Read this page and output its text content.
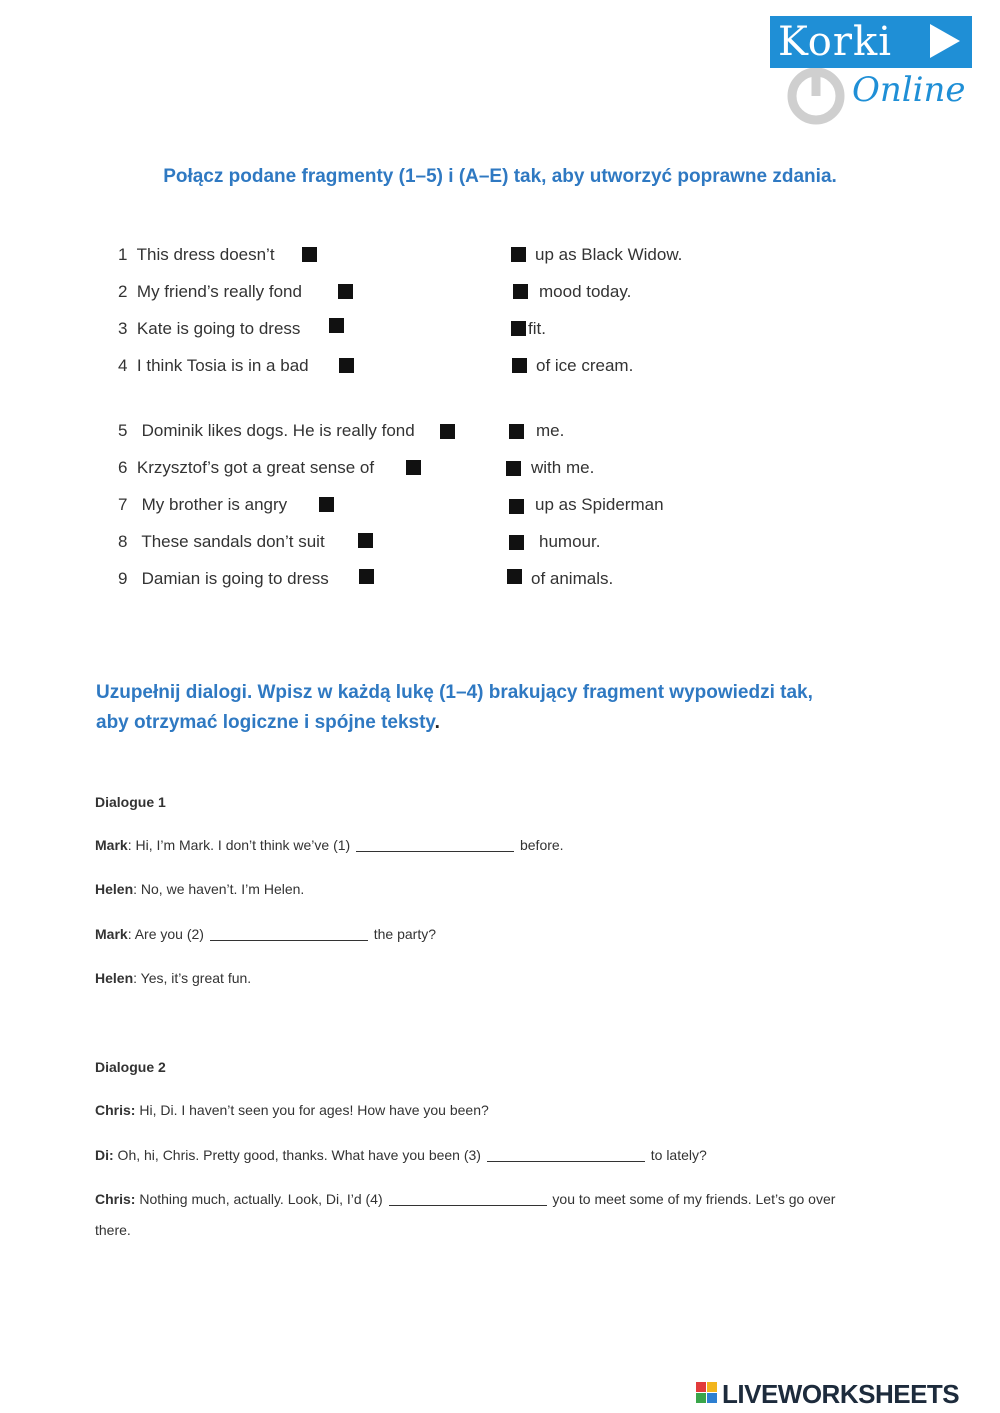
Korki
Online
Połącz podane fragmenty (1–5) i (A–E) tak, aby utworzyć poprawne zdania.
1 This dress doesn’t	up as Black Widow.
2 My friend’s really fond	mood today.
3 Kate is going to dress	fit.
4 I think Tosia is in a bad	of ice cream.
5 Dominik likes dogs. He is really fond	me.
6 Krzysztof’s got a great sense of	with me.
7 My brother is angry	up as Spiderman
8 These sandals don’t suit	humour.
9 Damian is going to dress	of animals.
Uzupełnij dialogi. Wpisz w każdą lukę (1–4) brakujący fragment wypowiedzi tak,
aby otrzymać logiczne i spójne teksty.
Dialogue 1
Mark: Hi, I’m Mark. I don’t think we’ve (1)	before.
Helen: No, we haven’t. I’m Helen.
Mark: Are you (2)	the party?
Helen: Yes, it’s great fun.
Dialogue 2
Chris: Hi, Di. I haven’t seen you for ages! How have you been?
Di: Oh, hi, Chris. Pretty good, thanks. What have you been (3)	to lately?
Chris: Nothing much, actually. Look, Di, I’d (4)	you to meet some of my friends. Let’s go over
there.
LIVEWORKSHEETS
